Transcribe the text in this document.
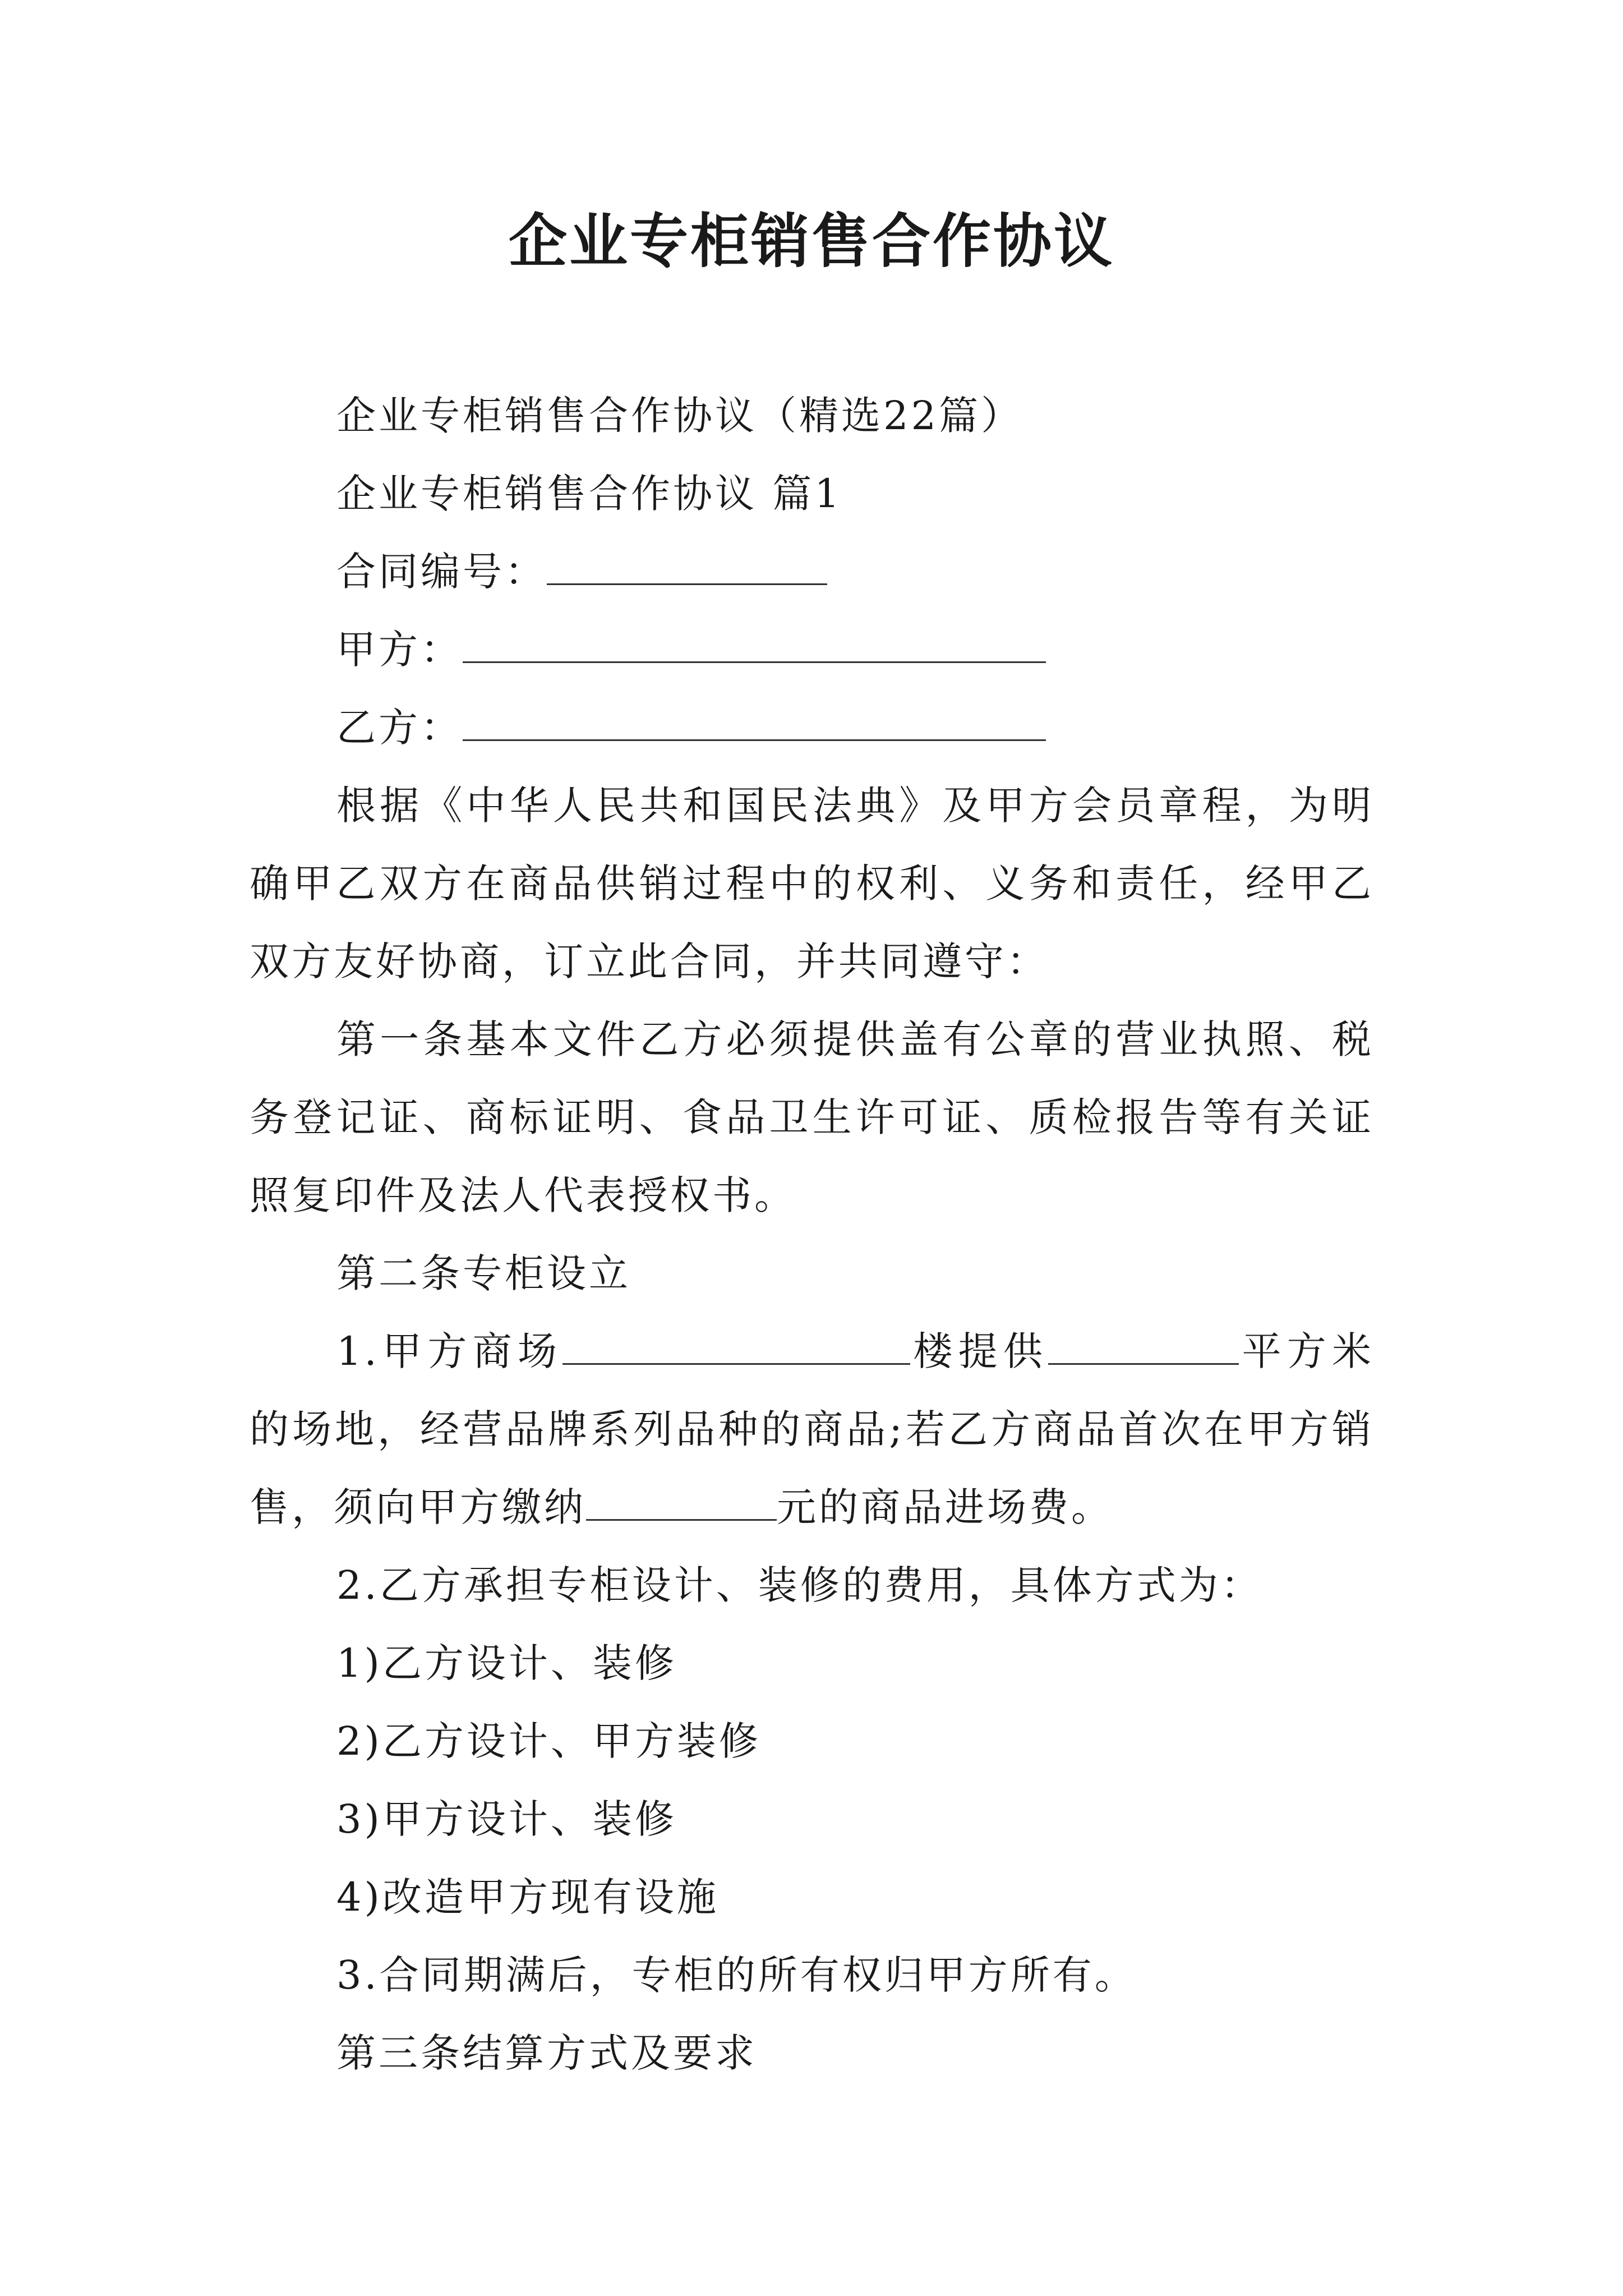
企业专柜销售合作协议

企业专柜销售合作协议（精选22篇）

企业专柜销售合作协议 篇1

合同编号：

甲方：

乙方：

根据《中华人民共和国民法典》及甲方会员章程，为明确甲乙双方在商品供销过程中的权利、义务和责任，经甲乙双方友好协商，订立此合同，并共同遵守：

第一条基本文件乙方必须提供盖有公章的营业执照、税务登记证、商标证明、食品卫生许可证、质检报告等有关证照复印件及法人代表授权书。

第二条专柜设立

1.甲方商场	楼提供	平方米的场地，经营品牌系列品种的商品;若乙方商品首次在甲方销售，须向甲方缴纳	元的商品进场费。

2.乙方承担专柜设计、装修的费用，具体方式为：

1)乙方设计、装修

2)乙方设计、甲方装修

3)甲方设计、装修

4)改造甲方现有设施

3.合同期满后，专柜的所有权归甲方所有。

第三条结算方式及要求
